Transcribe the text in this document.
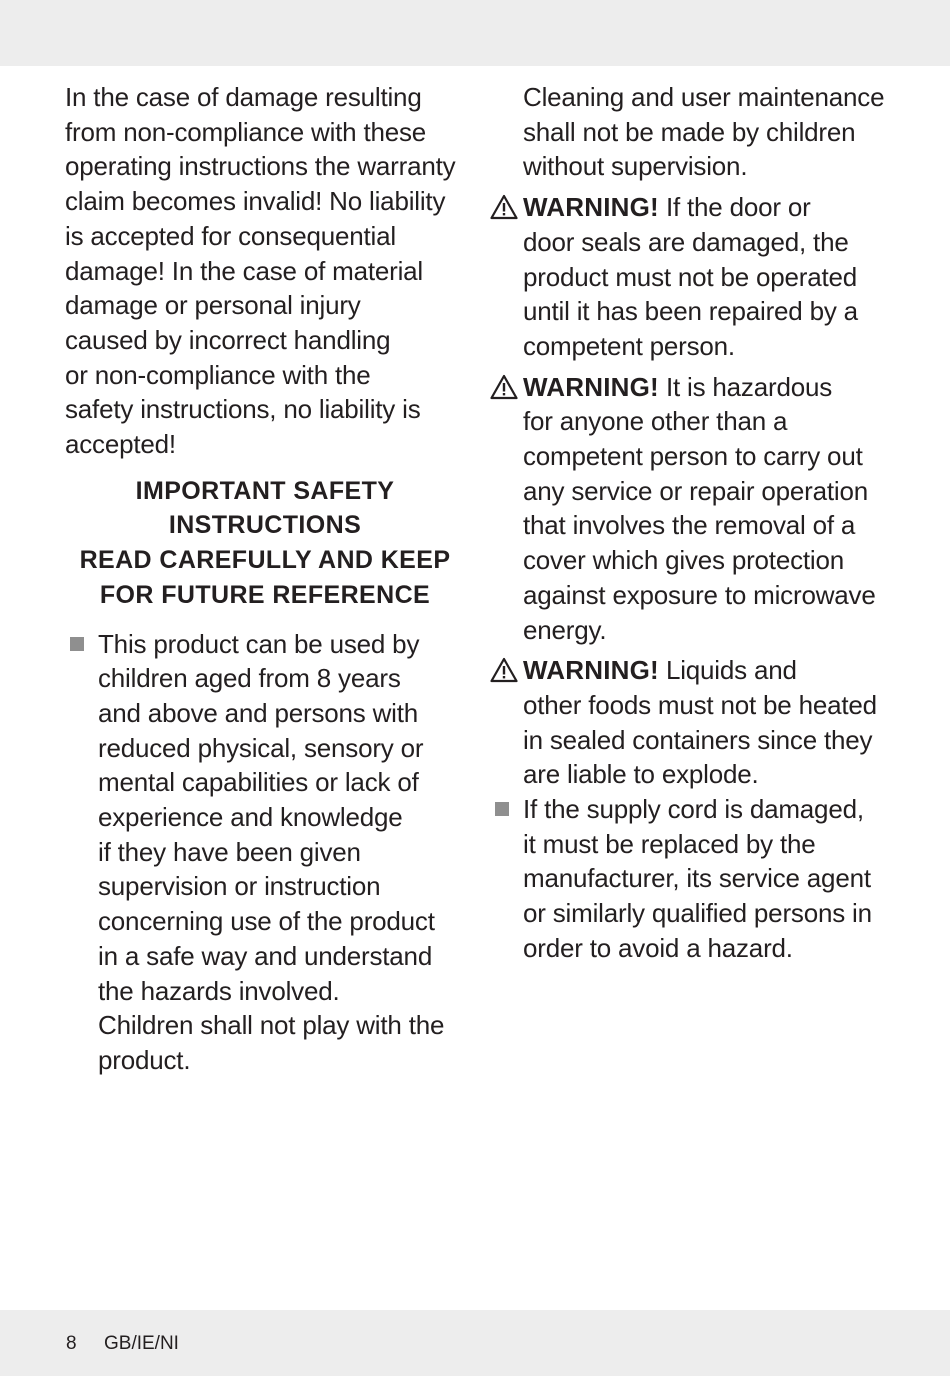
In the case of damage resulting
from non-compliance with these
operating instructions the warranty
claim becomes invalid! No liability
is accepted for consequential
damage! In the case of material
damage or personal injury
caused by incorrect handling
or non-compliance with the
safety instructions, no liability is
accepted!

IMPORTANT SAFETY
INSTRUCTIONS
READ CAREFULLY AND KEEP
FOR FUTURE REFERENCE
This product can be used by
children aged from 8 years
and above and persons with
reduced physical, sensory or
mental capabilities or lack of
experience and knowledge
if they have been given
supervision or instruction
concerning use of the product
in a safe way and understand
the hazards involved.
Children shall not play with the
product.

Cleaning and user maintenance
shall not be made by children
without supervision.

WARNING! If the door or
door seals are damaged, the
product must not be operated
until it has been repaired by a
competent person.
WARNING! It is hazardous
for anyone other than a
competent person to carry out
any service or repair operation
that involves the removal of a
cover which gives protection
against exposure to microwave
energy.
WARNING! Liquids and
other foods must not be heated
in sealed containers since they
are liable to explode.
If the supply cord is damaged,
it must be replaced by the
manufacturer, its service agent
or similarly qualified persons in
order to avoid a hazard.
8 GB/IE/NI
